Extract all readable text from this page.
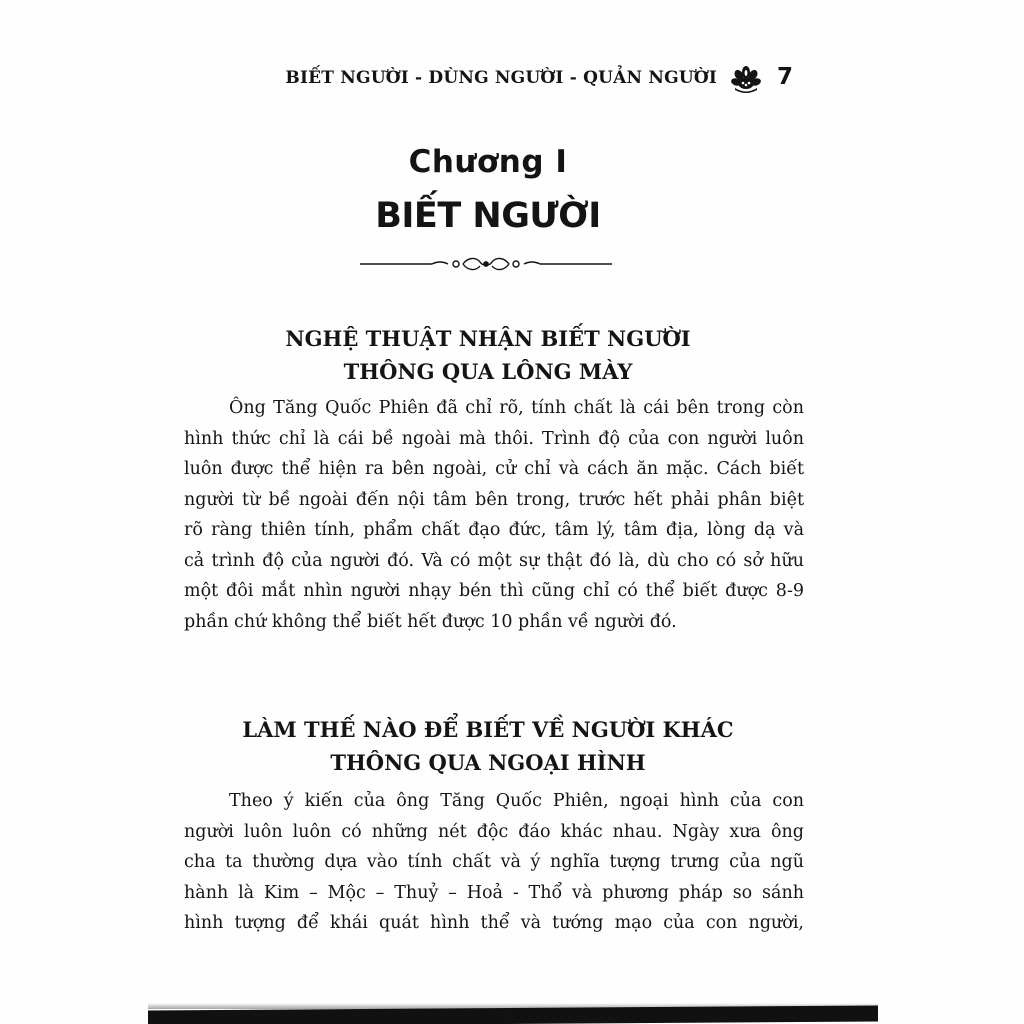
BIẾT NGƯỜI - DÙNG NGƯỜI - QUẢN NGƯỜI	7
Chương I
BIẾT NGƯỜI
NGHỆ THUẬT NHẬN BIẾT NGƯỜI
THÔNG QUA LÔNG MÀY
Ông Tăng Quốc Phiên đã chỉ rõ, tính chất là cái bên trong còn
hình thức chỉ là cái bề ngoài mà thôi. Trình độ của con người luôn
luôn được thể hiện ra bên ngoài, cử chỉ và cách ăn mặc. Cách biết
người từ bề ngoài đến nội tâm bên trong, trước hết phải phân biệt
rõ ràng thiên tính, phẩm chất đạo đức, tâm lý, tâm địa, lòng dạ và
cả trình độ của người đó. Và có một sự thật đó là, dù cho có sở hữu
một đôi mắt nhìn người nhạy bén thì cũng chỉ có thể biết được 8-9
phần chứ không thể biết hết được 10 phần về người đó.
LÀM THẾ NÀO ĐỂ BIẾT VỀ NGƯỜI KHÁC
THÔNG QUA NGOẠI HÌNH
Theo ý kiến của ông Tăng Quốc Phiên, ngoại hình của con
người luôn luôn có những nét độc đáo khác nhau. Ngày xưa ông
cha ta thường dựa vào tính chất và ý nghĩa tượng trưng của ngũ
hành là Kim – Mộc – Thuỷ – Hoả - Thổ và phương pháp so sánh
hình tượng để khái quát hình thể và tướng mạo của con người,
